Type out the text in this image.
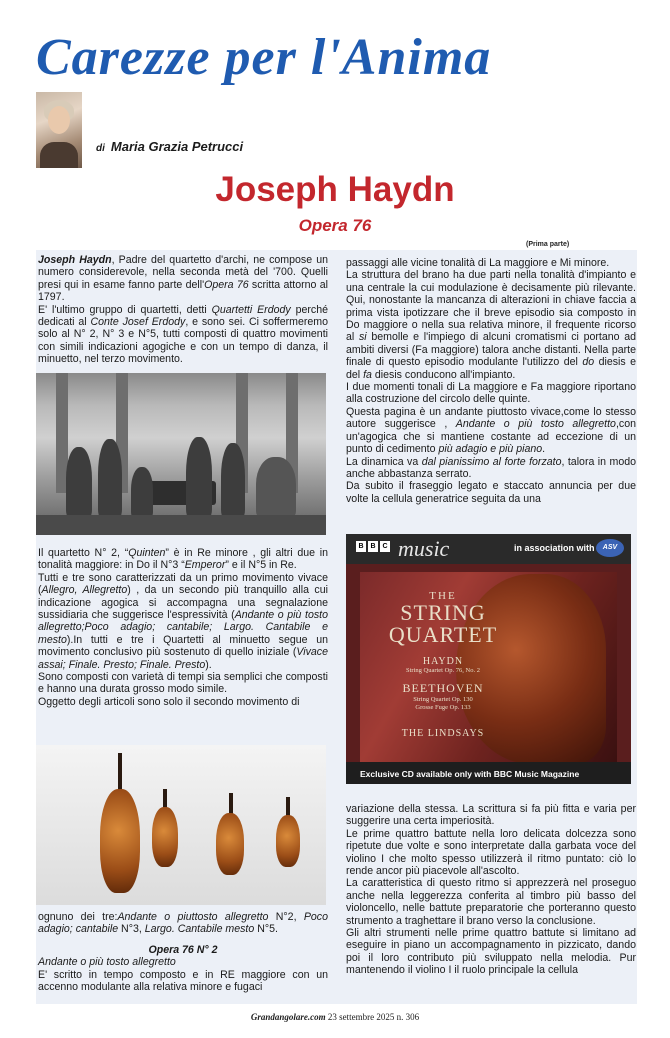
Carezze per l'Anima
di Maria Grazia Petrucci
Joseph Haydn
Opera 76
(Prima parte)

Joseph Haydn, Padre del quartetto d'archi, ne compose un numero considerevole, nella seconda metà del '700. Quelli presi qui in esame fanno parte dell'Opera 76 scritta attorno al 1797.

E' l'ultimo gruppo di quartetti, detti Quartetti Erdody perché dedicati al Conte Josef Erdody, e sono sei. Ci soffermeremo solo al N° 2, N° 3 e N°5, tutti composti di quattro movimenti con simili indicazioni agogiche e con un tempo di danza, il minuetto, nel terzo movimento.

Il quartetto N° 2, “Quinten” è in Re minore , gli altri due in tonalità maggiore: in Do il N°3 “Emperor” e il N°5 in Re.

Tutti e tre sono caratterizzati da un primo movimento vivace (Allegro, Allegretto) , da un secondo più tranquillo alla cui indicazione agogica si accompagna una segnalazione sussidiaria che suggerisce l'espressività (Andante o più tosto allegretto;Poco adagio; cantabile; Largo. Cantabile e mesto).In tutti e tre i Quartetti al minuetto segue un movimento conclusivo più sostenuto di quello iniziale (Vivace assai; Finale. Presto; Finale. Presto).

Sono composti con varietà di tempi sia semplici che composti e hanno una durata grosso modo simile.

Oggetto degli articoli sono solo il secondo movimento di

ognuno dei tre:Andante o piuttosto allegretto N°2, Poco adagio; cantabile N°3, Largo. Cantabile mesto N°5.

Opera 76 N° 2

Andante o più tosto allegretto

E' scritto in tempo composto e in RE maggiore con un accenno modulante alla relativa minore e fugaci

passaggi alle vicine tonalità di La maggiore e Mi minore.

La struttura del brano ha due parti nella tonalità d'impianto e una centrale la cui modulazione è decisamente più rilevante. Qui, nonostante la mancanza di alterazioni in chiave faccia a prima vista ipotizzare che il breve episodio sia composto in Do maggiore o nella sua relativa minore, il frequente ricorso al si bemolle e l'impiego di alcuni cromatismi ci portano ad ambiti diversi (Fa maggiore) talora anche distanti. Nella parte finale di questo episodio modulante l'utilizzo del do diesis e del fa diesis conducono all'impianto.

I due momenti tonali di La maggiore e Fa maggiore riportano alla costruzione del circolo delle quinte.

Questa pagina è un andante piuttosto vivace,come lo stesso autore suggerisce , Andante o più tosto allegretto,con un'agogica che si mantiene costante ad eccezione di un punto di cedimento più adagio e più piano.

La dinamica va dal pianissimo al forte forzato, talora in modo anche abbastanza serrato.

Da subito il fraseggio legato e staccato annuncia per due volte la cellula generatrice seguita da una

B B C music	in association with	ASV
THE
STRING
QUARTET
HAYDN
String Quartet Op. 76, No. 2
BEETHOVEN
String Quartet Op. 130
Grosse Fuge Op. 133
THE LINDSAYS
Exclusive CD available only with BBC Music Magazine

variazione della stessa. La scrittura si fa più fitta e varia per suggerire una certa imperiosità.

Le prime quattro battute nella loro delicata dolcezza sono ripetute due volte e sono interpretate dalla garbata voce del violino I che molto spesso utilizzerà il ritmo puntato: ciò lo rende ancor più piacevole all'ascolto.

La caratteristica di questo ritmo si apprezzerà nel proseguo anche nella leggerezza conferita al timbro più basso del violoncello, nelle battute preparatorie che porteranno questo strumento a traghettare il brano verso la conclusione.

Gli altri strumenti nelle prime quattro battute si limitano ad eseguire in piano un accompagnamento in pizzicato, dando poi il loro contributo più sviluppato nella melodia. Pur mantenendo il violino I il ruolo principale la cellula

Grandangolare.com 23 settembre 2025 n. 306
